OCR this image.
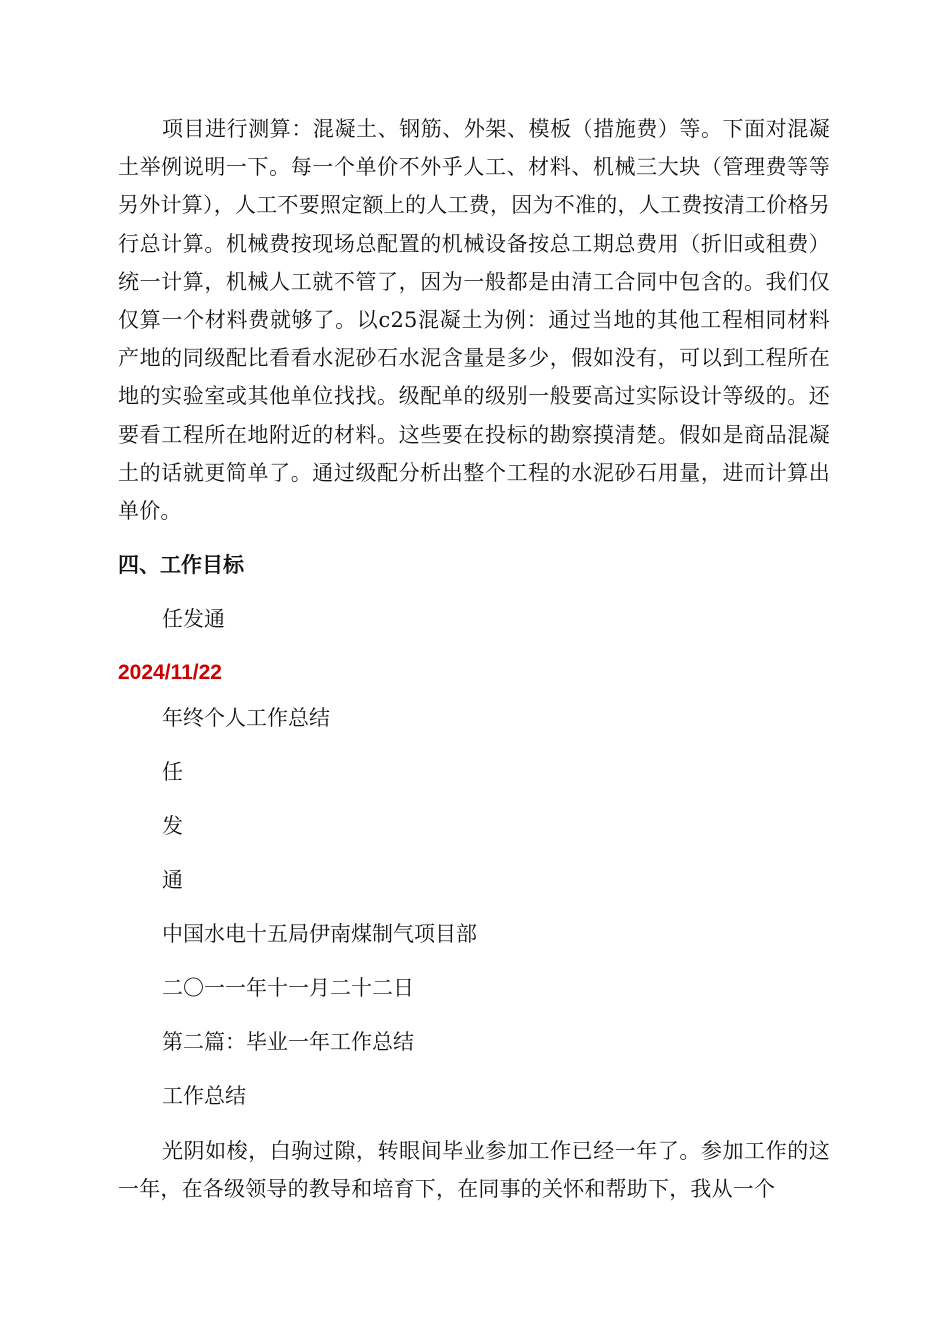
项目进行测算：混凝土、钢筋、外架、模板（措施费）等。下面对混凝土举例说明一下。每一个单价不外乎人工、材料、机械三大块（管理费等等另外计算），人工不要照定额上的人工费，因为不准的，人工费按清工价格另行总计算。机械费按现场总配置的机械设备按总工期总费用（折旧或租费）统一计算，机械人工就不管了，因为一般都是由清工合同中包含的。我们仅仅算一个材料费就够了。以c25混凝土为例：通过当地的其他工程相同材料产地的同级配比看看水泥砂石水泥含量是多少，假如没有，可以到工程所在地的实验室或其他单位找找。级配单的级别一般要高过实际设计等级的。还要看工程所在地附近的材料。这些要在投标的勘察摸清楚。假如是商品混凝土的话就更简单了。通过级配分析出整个工程的水泥砂石用量，进而计算出单价。

四、工作目标

任发通

2024/11/22

年终个人工作总结

任

发

通

中国水电十五局伊南煤制气项目部

二〇一一年十一月二十二日

第二篇：毕业一年工作总结

工作总结

光阴如梭，白驹过隙，转眼间毕业参加工作已经一年了。参加工作的这一年，在各级领导的教导和培育下，在同事的关怀和帮助下，我从一个
